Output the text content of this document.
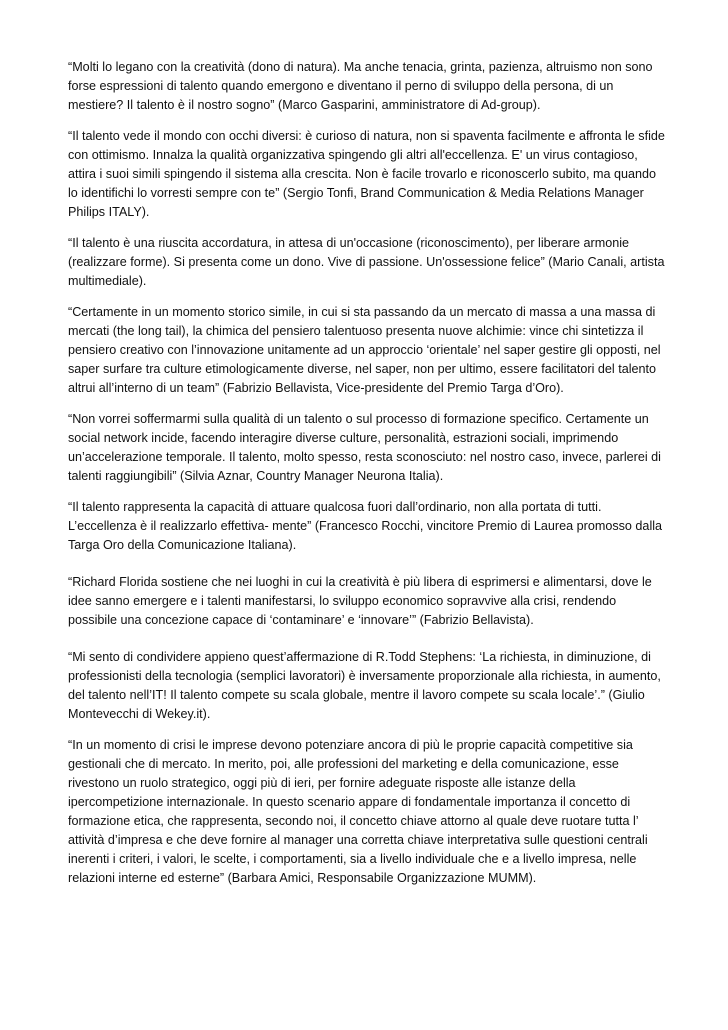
“Molti lo legano con la creatività (dono di natura). Ma anche tenacia, grinta, pazienza, altruismo non sono forse espressioni di talento quando emergono e diventano il perno di sviluppo della persona, di un mestiere? Il talento è il nostro sogno” (Marco Gasparini, amministratore di Ad-group).

“Il talento vede il mondo con occhi diversi: è curioso di natura, non si spaventa facilmente e affronta le sfide con ottimismo. Innalza la qualità organizzativa spingendo gli altri all'eccellenza. E' un virus contagioso, attira i suoi simili spingendo il sistema alla crescita. Non è facile trovarlo e riconoscerlo subito, ma quando lo identifichi lo vorresti sempre con te” (Sergio Tonfi, Brand Communication & Media Relations Manager Philips ITALY).

“Il talento è una riuscita accordatura, in attesa di un'occasione (riconoscimento), per liberare armonie (realizzare forme). Si presenta come un dono. Vive di passione. Un'ossessione felice” (Mario Canali, artista multimediale).

“Certamente in un momento storico simile, in cui si sta passando da un mercato di massa a una massa di mercati (the long tail), la chimica del pensiero talentuoso presenta nuove alchimie: vince chi sintetizza il pensiero creativo con l’innovazione unitamente ad un approccio ‘orientale’ nel saper gestire gli opposti, nel saper surfare tra culture etimologicamente diverse, nel saper, non per ultimo, essere facilitatori del talento altrui all’interno di un team” (Fabrizio Bellavista, Vice-presidente del Premio Targa d’Oro).

“Non vorrei soffermarmi sulla qualità di un talento o sul processo di formazione specifico. Certamente un social network incide, facendo interagire diverse culture, personalità, estrazioni sociali, imprimendo un’accelerazione temporale. Il talento, molto spesso, resta sconosciuto: nel nostro caso, invece, parlerei di talenti raggiungibili” (Silvia Aznar, Country Manager Neurona Italia).

“Il talento rappresenta la capacità di attuare qualcosa fuori dall’ordinario, non alla portata di tutti. L’eccellenza è il realizzarlo effettiva- mente” (Francesco Rocchi, vincitore Premio di Laurea promosso dalla Targa Oro della Comunicazione Italiana).

“Richard Florida sostiene che nei luoghi in cui la creatività è più libera di esprimersi e alimentarsi, dove le idee sanno emergere e i talenti manifestarsi, lo sviluppo economico sopravvive alla crisi, rendendo possibile una concezione capace di ‘contaminare’ e ‘innovare’” (Fabrizio Bellavista).

“Mi sento di condividere appieno quest’affermazione di R.Todd Stephens: ‘La richiesta, in diminuzione, di professionisti della tecnologia (semplici lavoratori) è inversamente proporzionale alla richiesta, in aumento, del talento nell’IT! Il talento compete su scala globale, mentre il lavoro compete su scala locale’.” (Giulio Montevecchi di Wekey.it).

“In un momento di crisi le imprese devono potenziare ancora di più le proprie capacità competitive sia gestionali che di mercato. In merito, poi, alle professioni del marketing e della comunicazione, esse rivestono un ruolo strategico, oggi più di ieri, per fornire adeguate risposte alle istanze della ipercompetizione internazionale. In questo scenario appare di fondamentale importanza il concetto di formazione etica, che rappresenta, secondo noi, il concetto chiave attorno al quale deve ruotare tutta l’ attività d’impresa e che deve fornire al manager una corretta chiave interpretativa sulle questioni centrali inerenti i criteri, i valori, le scelte, i comportamenti, sia a livello individuale che e a livello impresa, nelle relazioni interne ed esterne” (Barbara Amici, Responsabile Organizzazione MUMM).
